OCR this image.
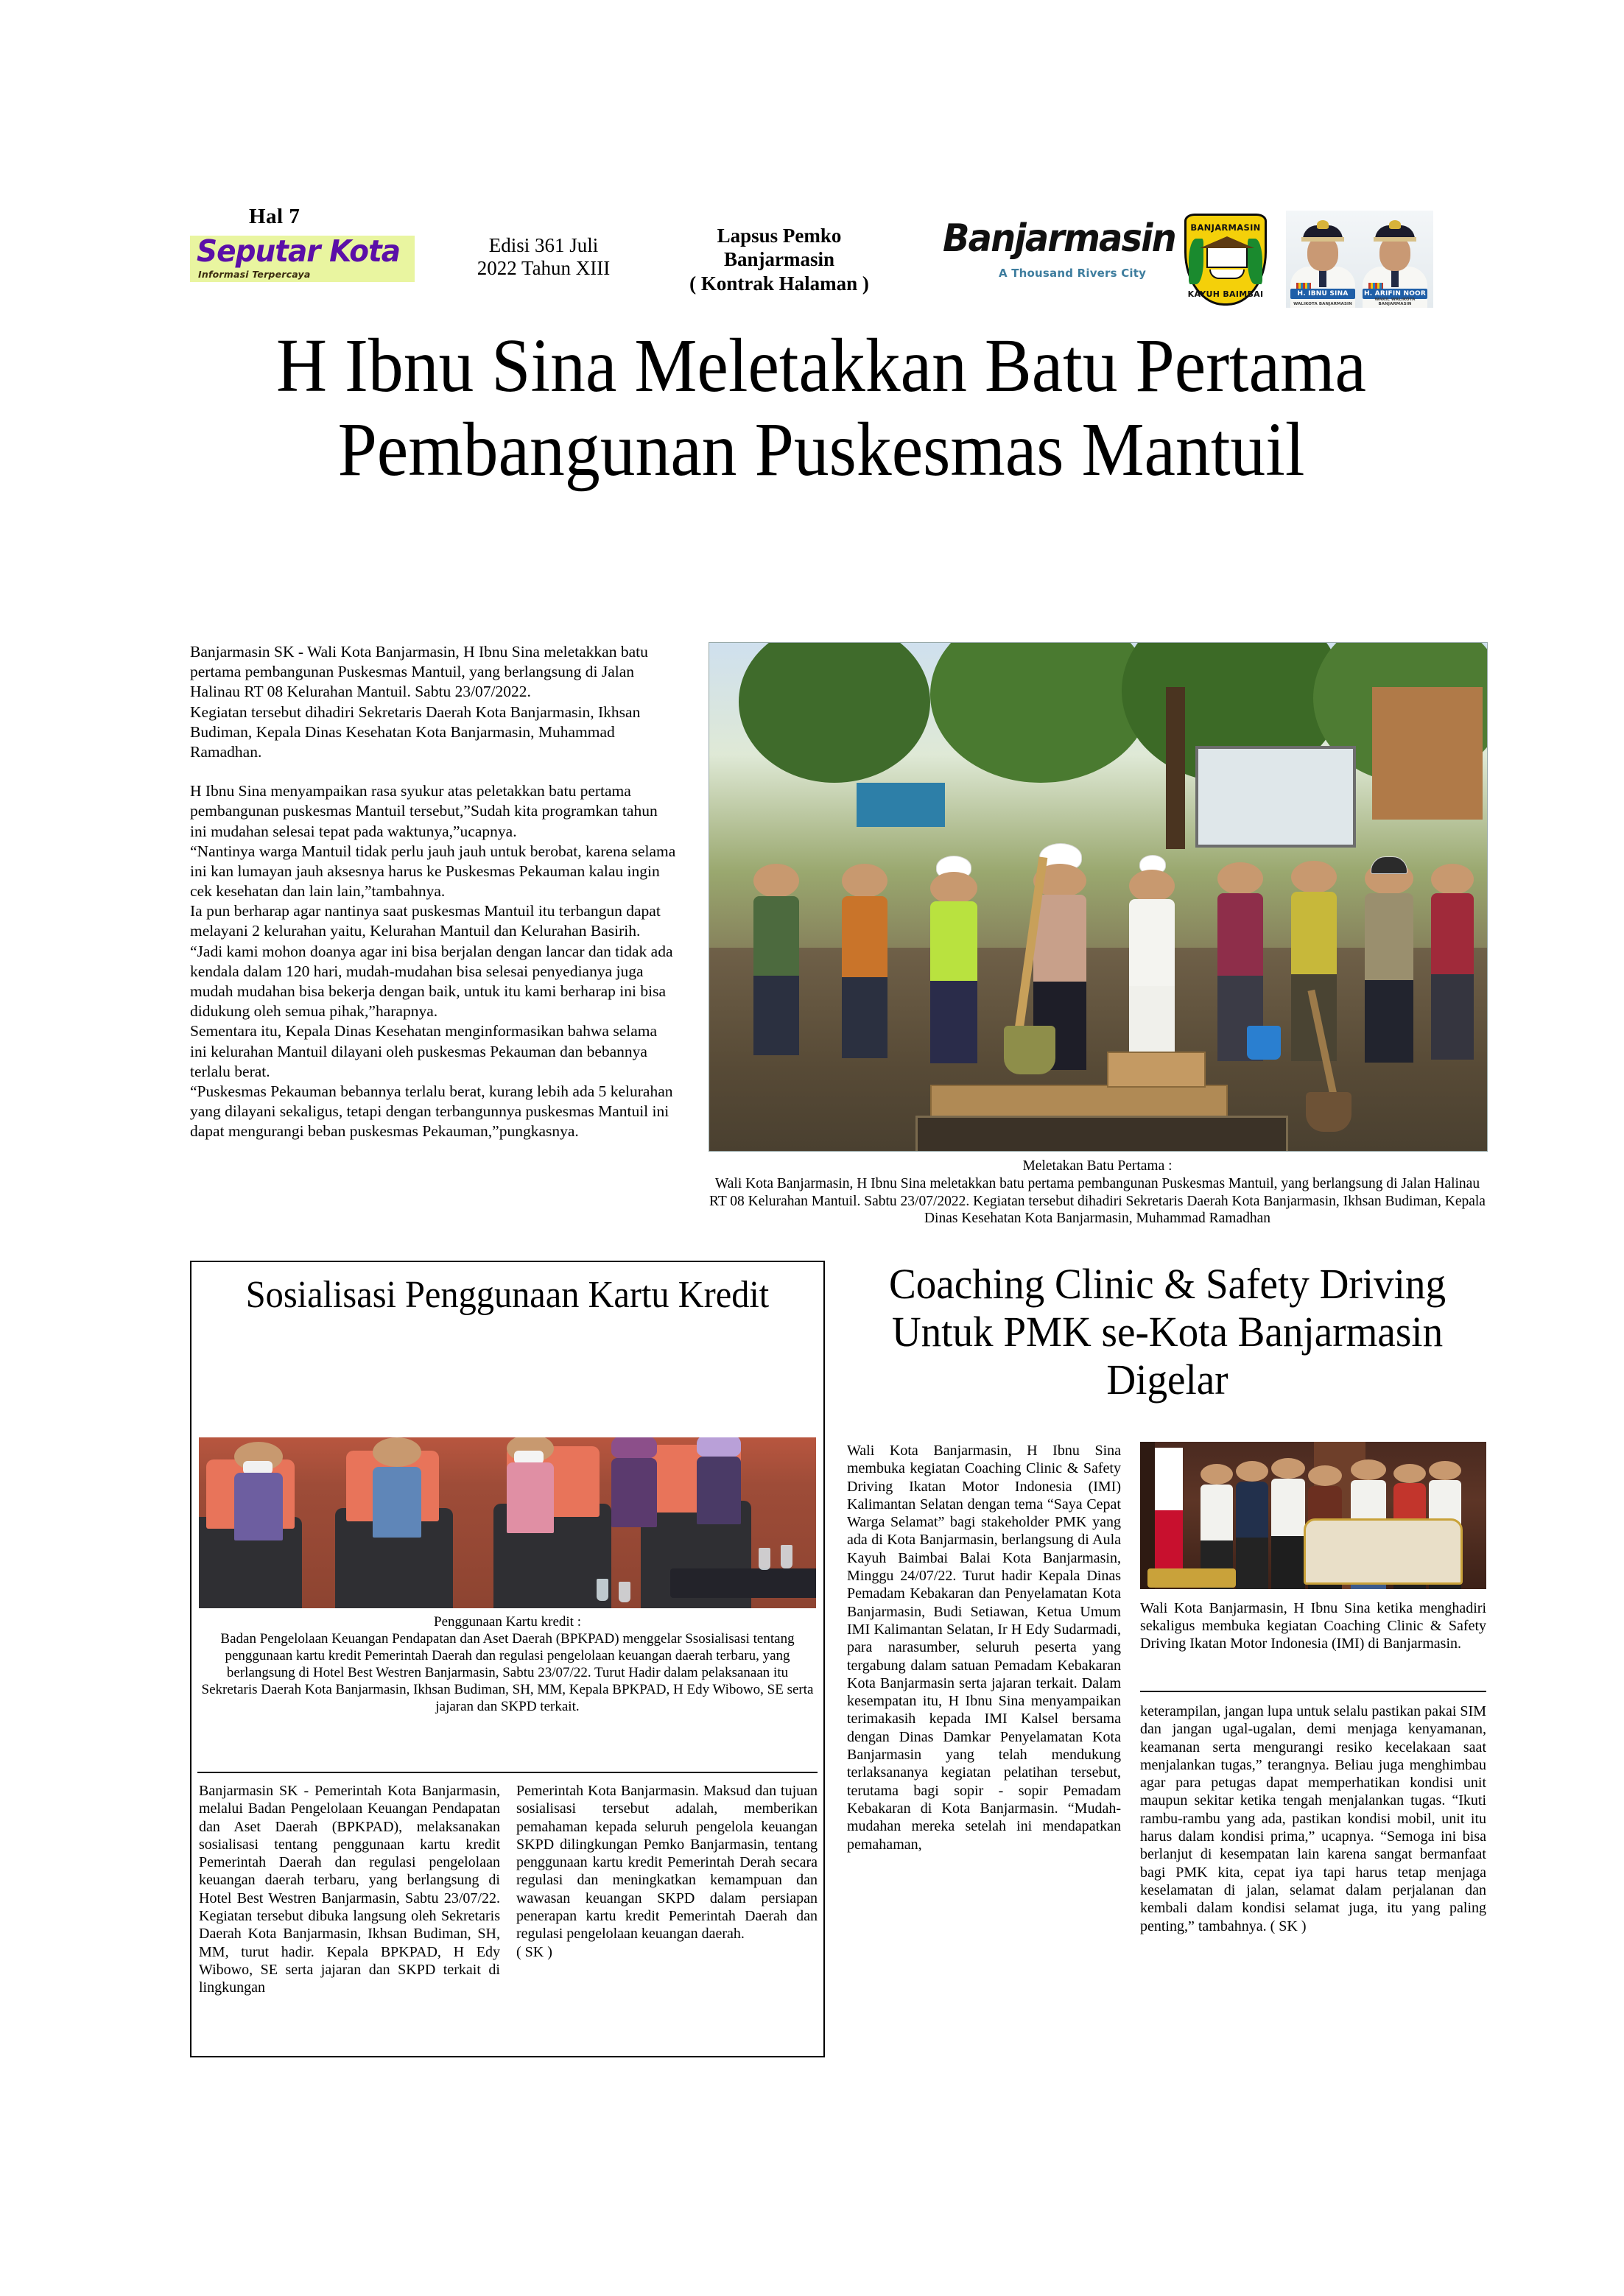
Hal 7
Seputar Kota
Informasi Terpercaya
Edisi 361 Juli
2022 Tahun XIII
Lapsus Pemko
Banjarmasin
( Kontrak Halaman )
Banjarmasin
A Thousand Rivers City
BANJARMASIN
KAYUH BAIMBAI	H. IBNU SINA
WALIKOTA BANJARMASIN
H. ARIFIN NOOR
WAKIL WALIKOTA BANJARMASIN
H Ibnu Sina Meletakkan Batu Pertama Pembangunan Puskesmas Mantuil

Banjarmasin SK - Wali Kota Banjarmasin, H Ibnu Sina meletakkan batu pertama pembangunan Puskesmas Mantuil, yang berlangsung di Jalan Halinau RT 08 Kelurahan Mantuil. Sabtu 23/07/2022.

Kegiatan tersebut dihadiri Sekretaris Daerah Kota Banjarmasin, Ikhsan Budiman, Kepala Dinas Kesehatan Kota Banjarmasin, Muhammad Ramadhan.

H Ibnu Sina menyampaikan rasa syukur atas peletakkan batu pertama pembangunan puskesmas Mantuil tersebut,”Sudah kita programkan tahun ini mudahan selesai tepat pada waktunya,”ucapnya.

“Nantinya warga Mantuil tidak perlu jauh jauh untuk berobat, karena selama ini kan lumayan jauh aksesnya harus ke Puskesmas Pekauman kalau ingin cek kesehatan dan lain lain,”tambahnya.

Ia pun berharap agar nantinya saat puskesmas Mantuil itu terbangun dapat melayani 2 kelurahan yaitu, Kelurahan Mantuil dan Kelurahan Basirih.

“Jadi kami mohon doanya agar ini bisa berjalan dengan lancar dan tidak ada kendala dalam 120 hari, mudah-mudahan bisa selesai penyedianya juga mudah mudahan bisa bekerja dengan baik, untuk itu kami berharap ini bisa didukung oleh semua pihak,”harapnya.

Sementara itu, Kepala Dinas Kesehatan menginformasikan bahwa selama ini kelurahan Mantuil dilayani oleh puskesmas Pekauman dan bebannya terlalu berat.

“Puskesmas Pekauman bebannya terlalu berat, kurang lebih ada 5 kelurahan yang dilayani sekaligus, tetapi dengan terbangunnya puskesmas Mantuil ini dapat mengurangi beban puskesmas Pekauman,”pungkasnya.

Meletakan Batu Pertama :
Wali Kota Banjarmasin, H Ibnu Sina meletakkan batu pertama pembangunan Puskesmas Mantuil, yang berlangsung di Jalan Halinau RT 08 Kelurahan Mantuil. Sabtu 23/07/2022. Kegiatan tersebut dihadiri Sekretaris Daerah Kota Banjarmasin, Ikhsan Budiman, Kepala Dinas Kesehatan Kota Banjarmasin, Muhammad Ramadhan
Sosialisasi Penggunaan Kartu Kredit
Penggunaan Kartu kredit :
Badan Pengelolaan Keuangan Pendapatan dan Aset Daerah (BPKPAD) menggelar Ssosialisasi tentang penggunaan kartu kredit Pemerintah Daerah dan regulasi pengelolaan keuangan daerah terbaru, yang berlangsung di Hotel Best Westren Banjarmasin, Sabtu 23/07/22. Turut Hadir dalam pelaksanaan itu Sekretaris Daerah Kota Banjarmasin, Ikhsan Budiman, SH, MM, Kepala BPKPAD, H Edy Wibowo, SE serta jajaran dan SKPD terkait.

Banjarmasin SK - Pemerintah Kota Banjarmasin, melalui Badan Pengelolaan Keuangan Pendapatan dan Aset Daerah (BPKPAD), melaksanakan sosialisasi tentang penggunaan kartu kredit Pemerintah Daerah dan regulasi pengelolaan keuangan daerah terbaru, yang berlangsung di Hotel Best Westren Banjarmasin, Sabtu 23/07/22. Kegiatan tersebut dibuka langsung oleh Sekretaris Daerah Kota Banjarmasin, Ikhsan Budiman, SH, MM, turut hadir. Kepala BPKPAD, H Edy Wibowo, SE serta jajaran dan SKPD terkait di lingkungan

Pemerintah Kota Banjarmasin. Maksud dan tujuan sosialisasi tersebut adalah, memberikan pemahaman kepada seluruh pengelola keuangan SKPD dilingkungan Pemko Banjarmasin, tentang penggunaan kartu kredit Pemerintah Derah secara regulasi dan meningkatkan kemampuan dan wawasan keuangan SKPD dalam persiapan penerapan kartu kredit Pemerintah Daerah dan regulasi pengelolaan keuangan daerah.

( SK )

Coaching Clinic & Safety Driving Untuk PMK se-Kota Banjarmasin Digelar

Wali Kota Banjarmasin, H Ibnu Sina membuka kegiatan Coaching Clinic & Safety Driving Ikatan Motor Indonesia (IMI) Kalimantan Selatan dengan tema “Saya Cepat Warga Selamat” bagi stakeholder PMK yang ada di Kota Banjarmasin, berlangsung di Aula Kayuh Baimbai Balai Kota Banjarmasin, Minggu 24/07/22. Turut hadir Kepala Dinas Pemadam Kebakaran dan Penyelamatan Kota Banjarmasin, Budi Setiawan, Ketua Umum IMI Kalimantan Selatan, Ir H Edy Sudarmadi, para narasumber, seluruh peserta yang tergabung dalam satuan Pemadam Kebakaran Kota Banjarmasin serta jajaran terkait. Dalam kesempatan itu, H Ibnu Sina menyampaikan terimakasih kepada IMI Kalsel bersama dengan Dinas Damkar Penyelamatan Kota Banjarmasin yang telah mendukung terlaksananya kegiatan pelatihan tersebut, terutama bagi sopir - sopir Pemadam Kebakaran di Kota Banjarmasin. “Mudah-mudahan mereka setelah ini mendapatkan pemahaman,

Wali Kota Banjarmasin, H Ibnu Sina ketika menghadiri sekaligus membuka kegiatan Coaching Clinic & Safety Driving Ikatan Motor Indonesia (IMI) di Banjarmasin.

keterampilan, jangan lupa untuk selalu pastikan pakai SIM dan jangan ugal-ugalan, demi menjaga kenyamanan, keamanan serta mengurangi resiko kecelakaan saat menjalankan tugas,” terangnya. Beliau juga menghimbau agar para petugas dapat memperhatikan kondisi unit maupun sekitar ketika tengah menjalankan tugas. “Ikuti rambu-rambu yang ada, pastikan kondisi mobil, unit itu harus dalam kondisi prima,” ucapnya. “Semoga ini bisa berlanjut di kesempatan lain karena sangat bermanfaat bagi PMK kita, cepat iya tapi harus tetap menjaga keselamatan di jalan, selamat dalam perjalanan dan kembali dalam kondisi selamat juga, itu yang paling penting,” tambahnya. ( SK )
